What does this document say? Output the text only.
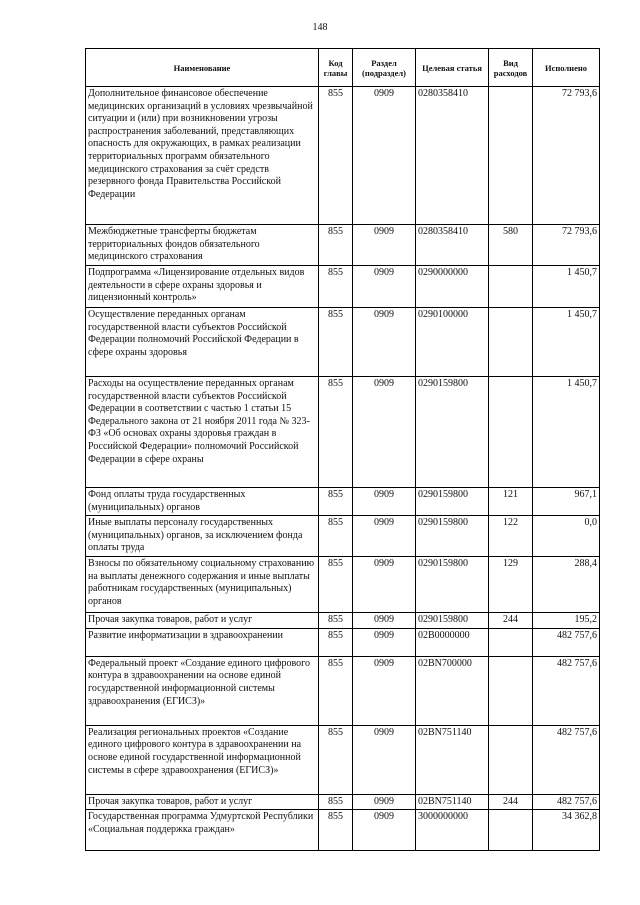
148
Наименование	Код главы	Раздел (подраздел)	Целевая статья	Вид расходов	Исполнено
Дополнительное финансовое обеспечение медицинских организаций в условиях чрезвычайной ситуации и (или) при возникновении угрозы распространения заболеваний, представляющих опасность для окружающих, в рамках реализации территориальных программ обязательного медицинского страхования за счёт средств резервного фонда Правительства Российской Федерации	855	0909	0280358410		72 793,6
Межбюджетные трансферты бюджетам территориальных фондов обязательного медицинского страхования	855	0909	0280358410	580	72 793,6
Подпрограмма «Лицензирование отдельных видов деятельности в сфере охраны здоровья и лицензионный контроль»	855	0909	0290000000		1 450,7
Осуществление переданных органам государственной власти субъектов Российской Федерации полномочий Российской Федерации в сфере охраны здоровья	855	0909	0290100000		1 450,7
Расходы на осуществление переданных органам государственной власти субъектов Российской Федерации в соответствии с частью 1 статьи 15 Федерального закона от 21 ноября 2011 года № 323-ФЗ «Об основах охраны здоровья граждан в Российской Федерации» полномочий Российской Федерации в сфере охраны	855	0909	0290159800		1 450,7
Фонд оплаты труда государственных (муниципальных) органов	855	0909	0290159800	121	967,1
Иные выплаты персоналу государственных (муниципальных) органов, за исключением фонда оплаты труда	855	0909	0290159800	122	0,0
Взносы по обязательному социальному страхованию на выплаты денежного содержания и иные выплаты работникам государственных (муниципальных) органов	855	0909	0290159800	129	288,4
Прочая закупка товаров, работ и услуг	855	0909	0290159800	244	195,2
Развитие информатизации в здравоохранении	855	0909	02B0000000		482 757,6
Федеральный проект «Создание единого цифрового контура в здравоохранении на основе единой государственной информационной системы здравоохранения (ЕГИСЗ)»	855	0909	02BN700000		482 757,6
Реализация региональных проектов «Создание единого цифрового контура в здравоохранении на основе единой государственной информационной системы в сфере здравоохранения (ЕГИСЗ)»	855	0909	02BN751140		482 757,6
Прочая закупка товаров, работ и услуг	855	0909	02BN751140	244	482 757,6
Государственная программа Удмуртской Республики «Социальная поддержка граждан»	855	0909	3000000000		34 362,8
